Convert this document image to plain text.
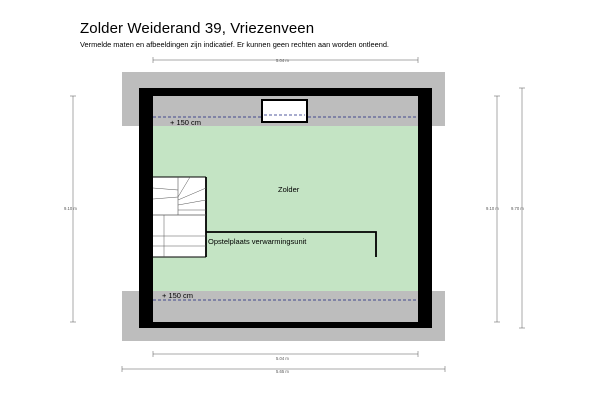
Zolder Weiderand 39, Vriezenveen
Vermelde maten en afbeeldingen zijn indicatief. Er kunnen geen rechten aan worden ontleend.
Zolder
Opstelplaats verwarmingsunit
+ 150 cm
+ 150 cm
5.04 m
5.04 m
5.65 m
9.10 m	9.10 m	9.70 m
